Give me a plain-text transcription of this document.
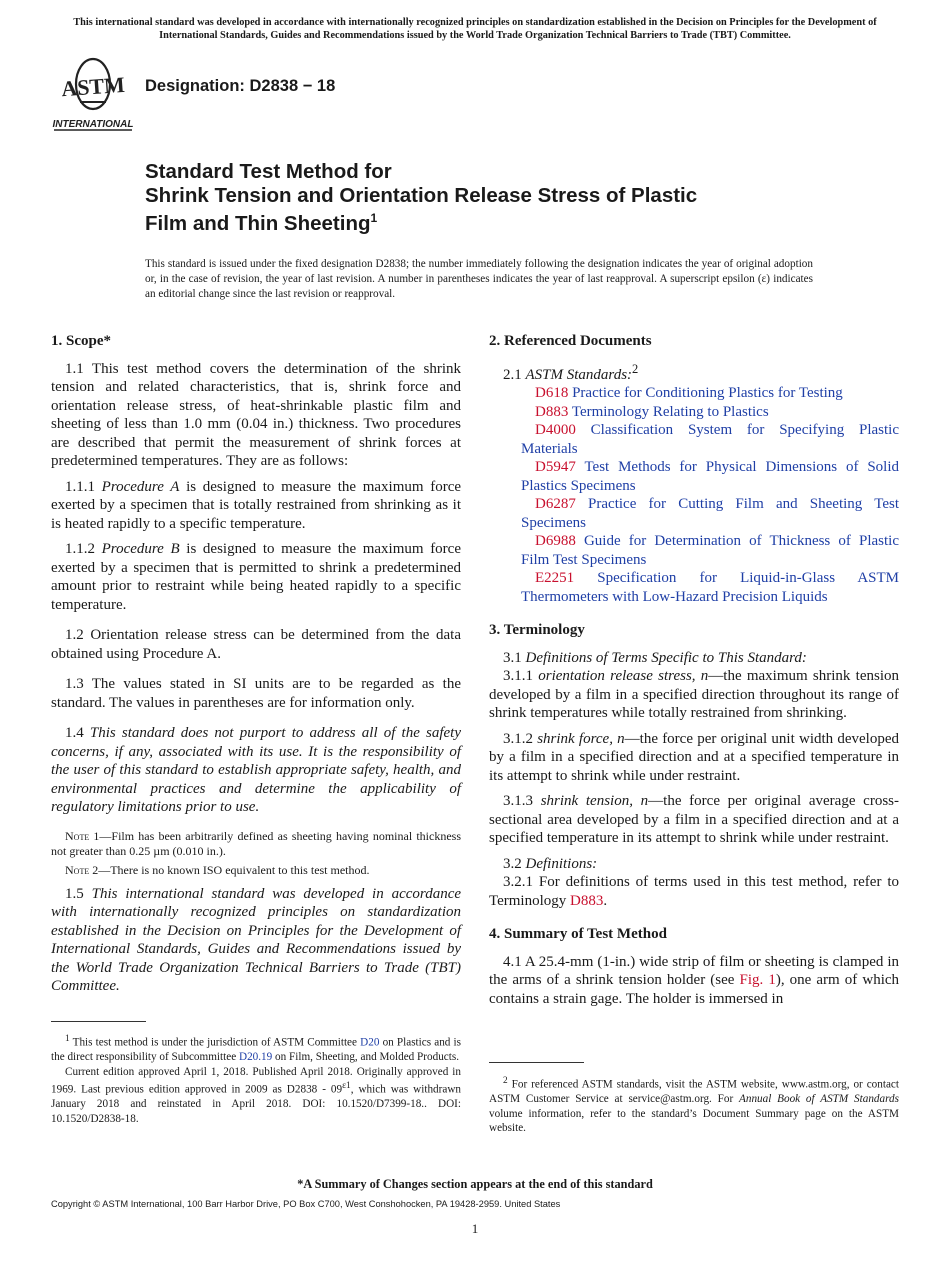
This international standard was developed in accordance with internationally recognized principles on standardization established in the Decision on Principles for the Development of International Standards, Guides and Recommendations issued by the World Trade Organization Technical Barriers to Trade (TBT) Committee.
ASTM
INTERNATIONAL
Designation: D2838 − 18
Standard Test Method for
Shrink Tension and Orientation Release Stress of Plastic
Film and Thin Sheeting$^1$
This standard is issued under the fixed designation D2838; the number immediately following the designation indicates the year of original adoption or, in the case of revision, the year of last revision. A number in parentheses indicates the year of last reapproval. A superscript epsilon (ε) indicates an editorial change since the last revision or reapproval.
1. Scope*

1.1 This test method covers the determination of the shrink tension and related characteristics, that is, shrink force and orientation release stress, of heat-shrinkable plastic film and sheeting of less than 1.0 mm (0.04 in.) thickness. Two procedures are described that permit the measurement of shrink forces at predetermined temperatures. They are as follows:

1.1.1 Procedure A is designed to measure the maximum force exerted by a specimen that is totally restrained from shrinking as it is heated rapidly to a specific temperature.

1.1.2 Procedure B is designed to measure the maximum force exerted by a specimen that is permitted to shrink a predetermined amount prior to restraint while being heated rapidly to a specific temperature.

1.2 Orientation release stress can be determined from the data obtained using Procedure A.

1.3 The values stated in SI units are to be regarded as the standard. The values in parentheses are for information only.

1.4 This standard does not purport to address all of the safety concerns, if any, associated with its use. It is the responsibility of the user of this standard to establish appropriate safety, health, and environmental practices and determine the applicability of regulatory limitations prior to use.

Note 1—Film has been arbitrarily defined as sheeting having nominal thickness not greater than 0.25 µm (0.010 in.).

Note 2—There is no known ISO equivalent to this test method.

1.5 This international standard was developed in accordance with internationally recognized principles on standardization established in the Decision on Principles for the Development of International Standards, Guides and Recommendations issued by the World Trade Organization Technical Barriers to Trade (TBT) Committee.

2. Referenced Documents

2.1 ASTM Standards:$^2$

D618 Practice for Conditioning Plastics for Testing

D883 Terminology Relating to Plastics

D4000 Classification System for Specifying Plastic Materials

D5947 Test Methods for Physical Dimensions of Solid Plastics Specimens

D6287 Practice for Cutting Film and Sheeting Test Specimens

D6988 Guide for Determination of Thickness of Plastic Film Test Specimens

E2251 Specification for Liquid-in-Glass ASTM Thermometers with Low-Hazard Precision Liquids

3. Terminology

3.1 Definitions of Terms Specific to This Standard:

3.1.1 orientation release stress, n—the maximum shrink tension developed by a film in a specified direction throughout its range of shrink temperatures while totally restrained from shrinking.

3.1.2 shrink force, n—the force per original unit width developed by a film in a specified direction and at a specified temperature in its attempt to shrink while under restraint.

3.1.3 shrink tension, n—the force per original average cross-sectional area developed by a film in a specified direction and at a specified temperature in its attempt to shrink while under restraint.

3.2 Definitions:

3.2.1 For definitions of terms used in this test method, refer to Terminology D883.

4. Summary of Test Method

4.1 A 25.4-mm (1-in.) wide strip of film or sheeting is clamped in the arms of a shrink tension holder (see Fig. 1), one arm of which contains a strain gage. The holder is immersed in

$^1$ This test method is under the jurisdiction of ASTM Committee D20 on Plastics and is the direct responsibility of Subcommittee D20.19 on Film, Sheeting, and Molded Products.

Current edition approved April 1, 2018. Published April 2018. Originally approved in 1969. Last previous edition approved in 2009 as $D2838 - 09^{\varepsilon 1}$, which was withdrawn January 2018 and reinstated in April 2018. DOI: 10.1520/D7399-18.. DOI: 10.1520/D2838-18.

$^2$ For referenced ASTM standards, visit the ASTM website, www.astm.org, or contact ASTM Customer Service at service@astm.org. For Annual Book of ASTM Standards volume information, refer to the standard’s Document Summary page on the ASTM website.

*A Summary of Changes section appears at the end of this standard
Copyright © ASTM International, 100 Barr Harbor Drive, PO Box C700, West Conshohocken, PA 19428-2959. United States
1
